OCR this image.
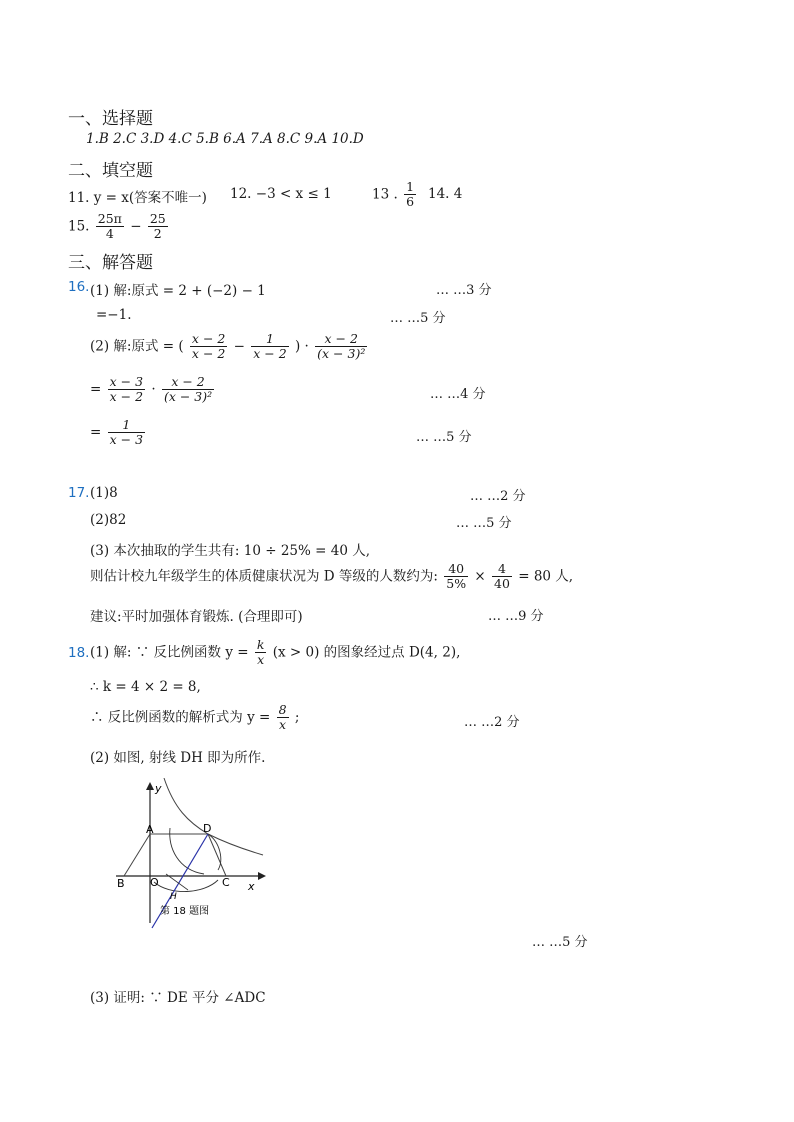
一、选择题
1.B 2.C 3.D 4.C 5.B 6.A 7.A 8.C 9.A 10.D
二、填空题
11. y = x(答案不唯一) 12. −3 < x ≤ 1	13 . $\frac{1}{6} 14$. 4
15. $\frac{25\pi}{4} - \frac{25}{2}$
三、解答题
16. (1) 解:原式 = 2 + (−2) − 1	… …3 分
=−1.	… …5 分
(2) 解:原式 = ( $\frac{x - 2}{x - 2} - \frac{1}{x - 2}$ ) · $\frac{x - 2}{\text{(x − 3)²}}$
= $\frac{x - 3}{x - 2} \cdot \frac{x - 2}{\text{(x − 3)²}}$	… …4 分
= $\frac{1}{x - 3}$	… …5 分
17. (1)8	… …2 分
(2)82	… …5 分
(3) 本次抽取的学生共有: 10 ÷ 25% = 40 人,
则估计校九年级学生的体质健康状况为 D 等级的人数约为: $\frac{40}{5\%} \times \frac{4}{40} = 80$ 人,
建议:平时加强体育锻炼. (合理即可)	… …9 分
18. (1) 解: ∵ 反比例函数 $y = \frac{k}{x} (x > 0)$ 的图象经过点 D(4, 2),
∴ k = 4 × 2 = 8,
∴ 反比例函数的解析式为 $y = \frac{8}{x}$ ;	… …2 分
(2) 如图, 射线 DH 即为所作.
y
x
A	D
B O	C
H
第 18 题图
… …5 分
(3) 证明: ∵ DE 平分 ∠ADC
